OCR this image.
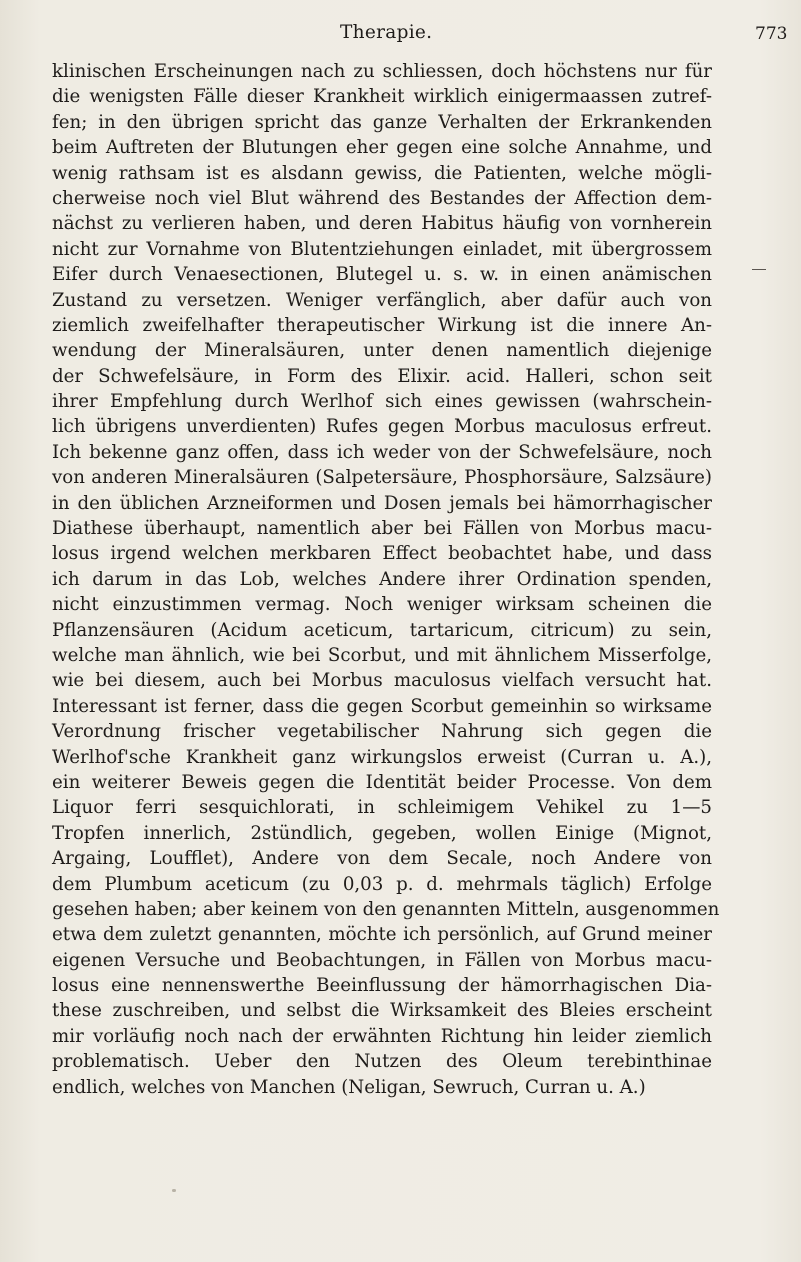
Therapie.	773
klinischen Erscheinungen nach zu schliessen, doch höchstens nur für
die wenigsten Fälle dieser Krankheit wirklich einigermaassen zutref-
fen; in den übrigen spricht das ganze Verhalten der Erkrankenden
beim Auftreten der Blutungen eher gegen eine solche Annahme, und
wenig rathsam ist es alsdann gewiss, die Patienten, welche mögli-
cherweise noch viel Blut während des Bestandes der Affection dem-
nächst zu verlieren haben, und deren Habitus häufig von vornherein
nicht zur Vornahme von Blutentziehungen einladet, mit übergrossem
Eifer durch Venaesectionen, Blutegel u. s. w. in einen anämischen
Zustand zu versetzen. Weniger verfänglich, aber dafür auch von
ziemlich zweifelhafter therapeutischer Wirkung ist die innere An-
wendung der Mineralsäuren, unter denen namentlich diejenige
der Schwefelsäure, in Form des Elixir. acid. Halleri, schon seit
ihrer Empfehlung durch Werlhof sich eines gewissen (wahrschein-
lich übrigens unverdienten) Rufes gegen Morbus maculosus erfreut.
Ich bekenne ganz offen, dass ich weder von der Schwefelsäure, noch
von anderen Mineralsäuren (Salpetersäure, Phosphorsäure, Salzsäure)
in den üblichen Arzneiformen und Dosen jemals bei hämorrhagischer
Diathese überhaupt, namentlich aber bei Fällen von Morbus macu-
losus irgend welchen merkbaren Effect beobachtet habe, und dass
ich darum in das Lob, welches Andere ihrer Ordination spenden,
nicht einzustimmen vermag. Noch weniger wirksam scheinen die
Pflanzensäuren (Acidum aceticum, tartaricum, citricum) zu sein,
welche man ähnlich, wie bei Scorbut, und mit ähnlichem Misserfolge,
wie bei diesem, auch bei Morbus maculosus vielfach versucht hat.
Interessant ist ferner, dass die gegen Scorbut gemeinhin so wirksame
Verordnung frischer vegetabilischer Nahrung sich gegen die
Werlhof'sche Krankheit ganz wirkungslos erweist (Curran u. A.),
ein weiterer Beweis gegen die Identität beider Processe. Von dem
Liquor ferri sesquichlorati, in schleimigem Vehikel zu 1—5
Tropfen innerlich, 2stündlich, gegeben, wollen Einige (Mignot,
Argaing, Loufflet), Andere von dem Secale, noch Andere von
dem Plumbum aceticum (zu 0,03 p. d. mehrmals täglich) Erfolge
gesehen haben; aber keinem von den genannten Mitteln, ausgenommen
etwa dem zuletzt genannten, möchte ich persönlich, auf Grund meiner
eigenen Versuche und Beobachtungen, in Fällen von Morbus macu-
losus eine nennenswerthe Beeinflussung der hämorrhagischen Dia-
these zuschreiben, und selbst die Wirksamkeit des Bleies erscheint
mir vorläufig noch nach der erwähnten Richtung hin leider ziemlich
problematisch. Ueber den Nutzen des Oleum terebinthinae
endlich, welches von Manchen (Neligan, Sewruch, Curran u. A.)
